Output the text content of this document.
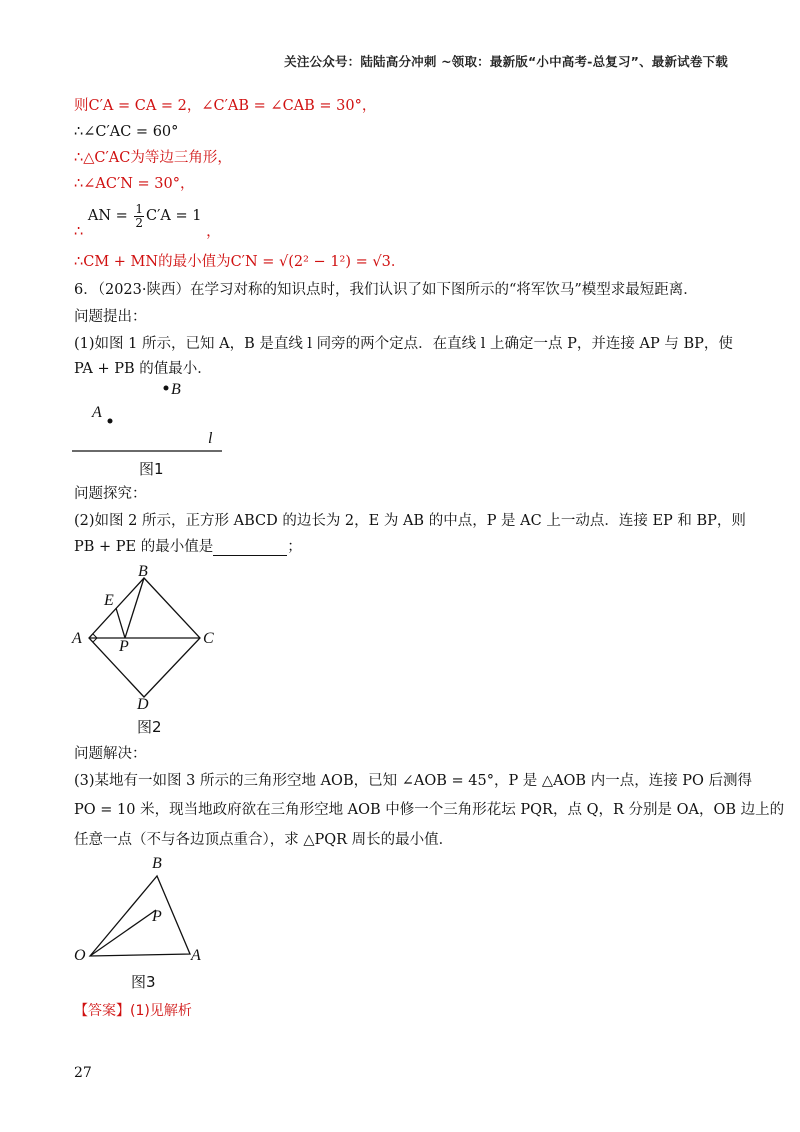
关注公众号：陆陆高分冲刺 ~领取：最新版“小中高考-总复习”、最新试卷下载
则C′A = CA = 2，∠C′AB = ∠CAB = 30°，
∴∠C′AC = 60°
∴△C′AC为等边三角形，
∴∠AC′N = 30°，
∴ AN = $\frac{1}{2} C'A = 1$ ，
∴CM + MN的最小值为C′N = √(2² − 1²) = √3．
6．（2023·陕西）在学习对称的知识点时，我们认识了如下图所示的“将军饮马”模型求最短距离．
问题提出：
(1)如图 1 所示，已知 A，B 是直线 l 同旁的两个定点．在直线 l 上确定一点 P，并连接 AP 与 BP，使
PA + PB 的值最小．
B
A
l
图1
问题探究：
(2)如图 2 所示，正方形 ABCD 的边长为 2，E 为 AB 的中点，P 是 AC 上一动点．连接 EP 和 BP，则
PB + PE 的最小值是	；
B
E
A	C
P
D
图2
问题解决：
(3)某地有一如图 3 所示的三角形空地 AOB，已知 ∠AOB = 45°，P 是 △AOB 内一点，连接 PO 后测得
PO = 10 米，现当地政府欲在三角形空地 AOB 中修一个三角形花坛 PQR，点 Q，R 分别是 OA，OB 边上的
任意一点（不与各边顶点重合），求 △PQR 周长的最小值．
B
P
O	A
图3
【答案】(1)见解析
27
